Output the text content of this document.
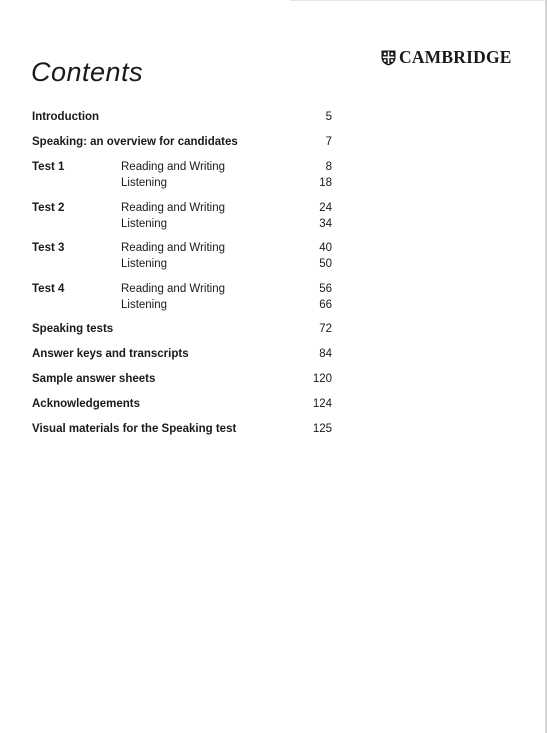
CAMBRIDGE
Contents
Introduction	5
Speaking: an overview for candidates	7
Test 1	Reading and Writing	8
Listening	18
Test 2	Reading and Writing	24
Listening	34
Test 3	Reading and Writing	40
Listening	50
Test 4	Reading and Writing	56
Listening	66
Speaking tests	72
Answer keys and transcripts	84
Sample answer sheets	120
Acknowledgements	124
Visual materials for the Speaking test	125
